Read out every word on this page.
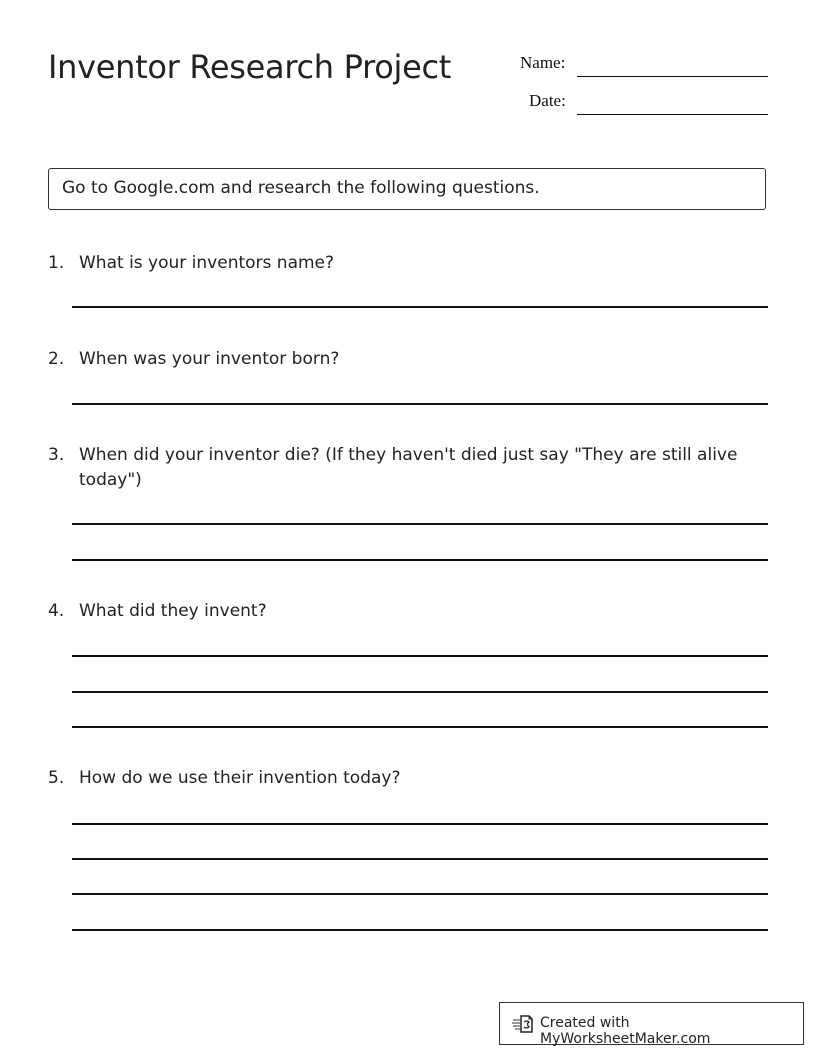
Inventor Research Project	Name:
Date:
Go to Google.com and research the following questions.
1. What is your inventors name?
2. When was your inventor born?
3. When did your inventor die? (If they haven't died just say "They are still alive today")
4. What did they invent?
5. How do we use their invention today?
Created with MyWorksheetMaker.com
